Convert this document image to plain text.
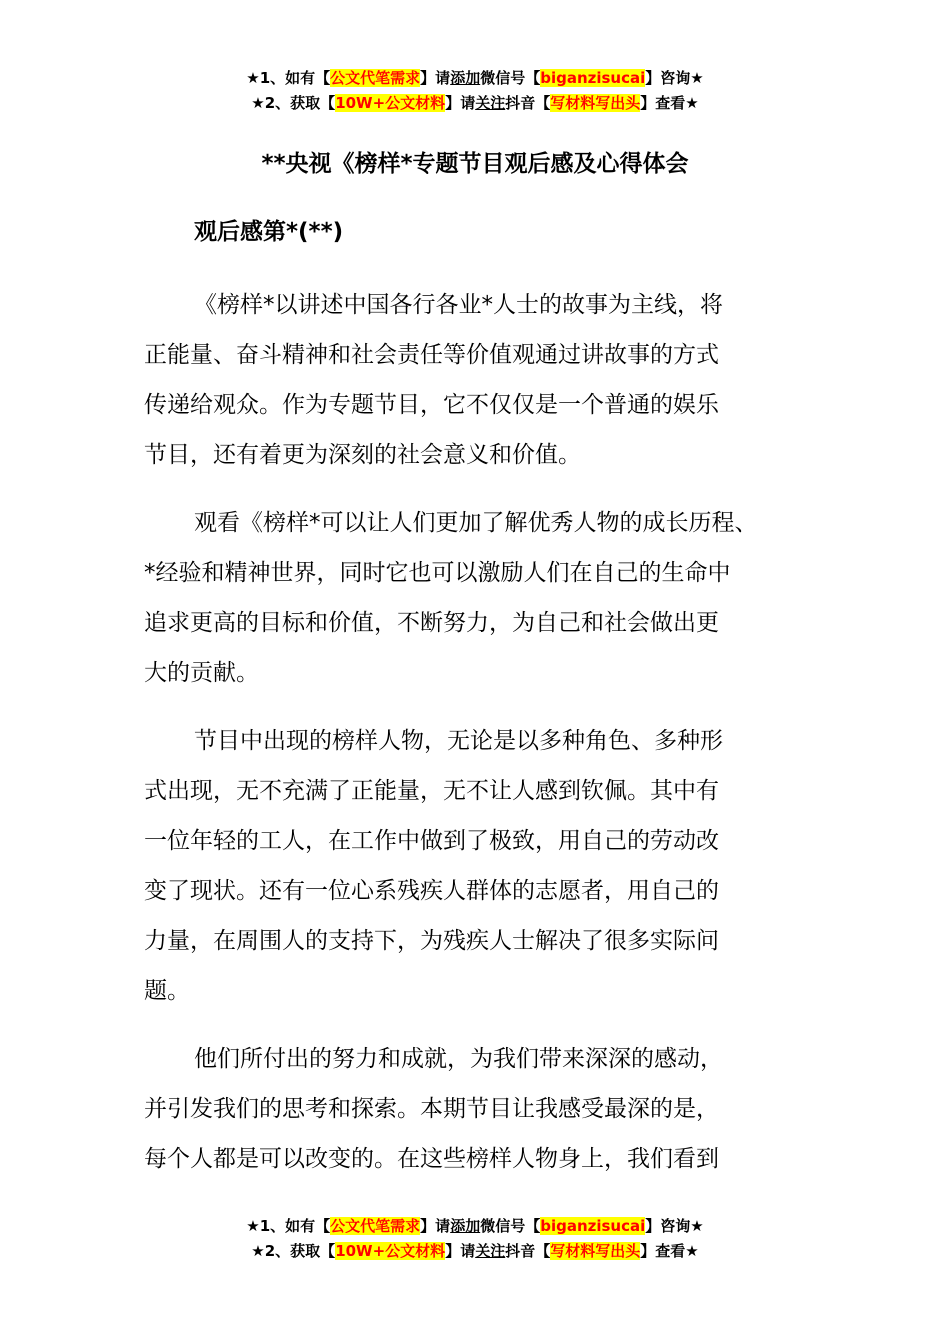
★1、如有【公文代笔需求】请添加微信号【biganzisucai】咨询★
★2、获取【10W+公文材料】请关注抖音【写材料写出头】查看★
**央视《榜样*专题节目观后感及心得体会
观后感第*(**)

《榜样*以讲述中国各行各业*人士的故事为主线，将
正能量、奋斗精神和社会责任等价值观通过讲故事的方式
传递给观众。作为专题节目，它不仅仅是一个普通的娱乐
节目，还有着更为深刻的社会意义和价值。

观看《榜样*可以让人们更加了解优秀人物的成长历程、
*经验和精神世界，同时它也可以激励人们在自己的生命中
追求更高的目标和价值，不断努力，为自己和社会做出更
大的贡献。

节目中出现的榜样人物，无论是以多种角色、多种形
式出现，无不充满了正能量，无不让人感到钦佩。其中有
一位年轻的工人，在工作中做到了极致，用自己的劳动改
变了现状。还有一位心系残疾人群体的志愿者，用自己的
力量，在周围人的支持下，为残疾人士解决了很多实际问
题。

他们所付出的努力和成就，为我们带来深深的感动，
并引发我们的思考和探索。本期节目让我感受最深的是，
每个人都是可以改变的。在这些榜样人物身上，我们看到

★1、如有【公文代笔需求】请添加微信号【biganzisucai】咨询★
★2、获取【10W+公文材料】请关注抖音【写材料写出头】查看★
